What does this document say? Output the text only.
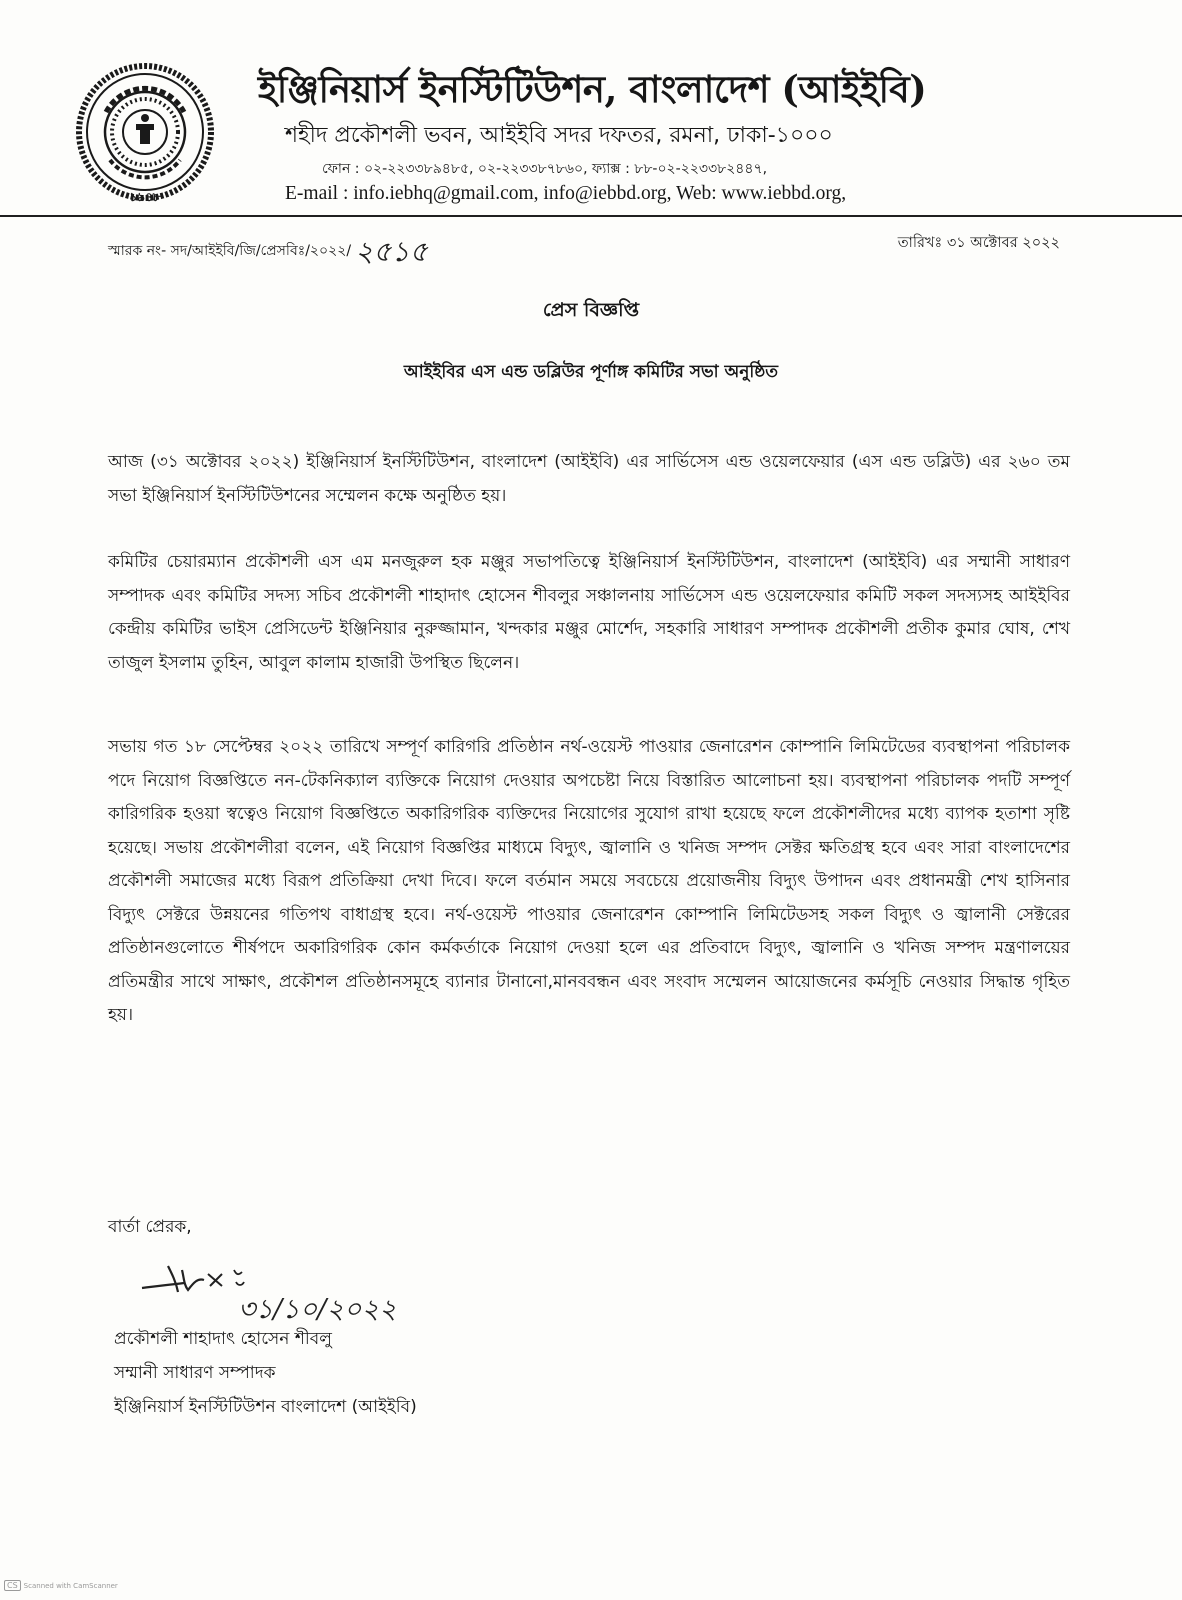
১৯৪৮
ইঞ্জিনিয়ার্স ইনস্টিটিউশন, বাংলাদেশ (আইইবি)
শহীদ প্রকৌশলী ভবন, আইইবি সদর দফতর, রমনা, ঢাকা-১০০০
ফোন : ০২-২২৩৩৮৯৪৮৫, ০২-২২৩৩৮৭৮৬০, ফ্যাক্স : ৮৮-০২-২২৩৩৮২৪৪৭,
E-mail : info.iebhq@gmail.com, info@iebbd.org, Web: www.iebbd.org,
স্মারক নং- সদ/আইইবি/জি/প্রেসবিঃ/২০২২/ ২৫১৫	তারিখঃ ৩১ অক্টোবর ২০২২
প্রেস বিজ্ঞপ্তি
আইইবির এস এন্ড ডব্লিউর পূর্ণাঙ্গ কমিটির সভা অনুষ্ঠিত

আজ (৩১ অক্টোবর ২০২২) ইঞ্জিনিয়ার্স ইনস্টিটিউশন, বাংলাদেশ (আইইবি) এর সার্ভিসেস এন্ড ওয়েলফেয়ার (এস এন্ড ডব্লিউ) এর ২৬০ তম সভা ইঞ্জিনিয়ার্স ইনস্টিটিউশনের সম্মেলন কক্ষে অনুষ্ঠিত হয়।

কমিটির চেয়ারম্যান প্রকৌশলী এস এম মনজুরুল হক মঞ্জুর সভাপতিত্বে ইঞ্জিনিয়ার্স ইনস্টিটিউশন, বাংলাদেশ (আইইবি) এর সম্মানী সাধারণ সম্পাদক এবং কমিটির সদস্য সচিব প্রকৌশলী শাহাদাৎ হোসেন শীবলুর সঞ্চালনায় সার্ভিসেস এন্ড ওয়েলফেয়ার কমিটি সকল সদস্যসহ আইইবির কেন্দ্রীয় কমিটির ভাইস প্রেসিডেন্ট ইঞ্জিনিয়ার নুরুজ্জামান, খন্দকার মঞ্জুর মোর্শেদ, সহকারি সাধারণ সম্পাদক প্রকৌশলী প্রতীক কুমার ঘোষ, শেখ তাজুল ইসলাম তুহিন, আবুল কালাম হাজারী উপস্থিত ছিলেন।

সভায় গত ১৮ সেপ্টেম্বর ২০২২ তারিখে সম্পূর্ণ কারিগরি প্রতিষ্ঠান নর্থ-ওয়েস্ট পাওয়ার জেনারেশন কোম্পানি লিমিটেডের ব্যবস্থাপনা পরিচালক পদে নিয়োগ বিজ্ঞপ্তিতে নন-টেকনিক্যাল ব্যক্তিকে নিয়োগ দেওয়ার অপচেষ্টা নিয়ে বিস্তারিত আলোচনা হয়। ব্যবস্থাপনা পরিচালক পদটি সম্পূর্ণ কারিগরিক হওয়া স্বত্বেও নিয়োগ বিজ্ঞপ্তিতে অকারিগরিক ব্যক্তিদের নিয়োগের সুযোগ রাখা হয়েছে ফলে প্রকৌশলীদের মধ্যে ব্যাপক হতাশা সৃষ্টি হয়েছে। সভায় প্রকৌশলীরা বলেন, এই নিয়োগ বিজ্ঞপ্তির মাধ্যমে বিদ্যুৎ, জ্বালানি ও খনিজ সম্পদ সেক্টর ক্ষতিগ্রস্থ হবে এবং সারা বাংলাদেশের প্রকৌশলী সমাজের মধ্যে বিরূপ প্রতিক্রিয়া দেখা দিবে। ফলে বর্তমান সময়ে সবচেয়ে প্রয়োজনীয় বিদ্যুৎ উপাদন এবং প্রধানমন্ত্রী শেখ হাসিনার বিদ্যুৎ সেক্টরে উন্নয়নের গতিপথ বাধাগ্রস্থ হবে। নর্থ-ওয়েস্ট পাওয়ার জেনারেশন কোম্পানি লিমিটেডসহ সকল বিদ্যুৎ ও জ্বালানী সেক্টরের প্রতিষ্ঠানগুলোতে শীর্ষপদে অকারিগরিক কোন কর্মকর্তাকে নিয়োগ দেওয়া হলে এর প্রতিবাদে বিদ্যুৎ, জ্বালানি ও খনিজ সম্পদ মন্ত্রণালয়ের প্রতিমন্ত্রীর সাথে সাক্ষাৎ, প্রকৌশল প্রতিষ্ঠানসমূহে ব্যানার টানানো,মানববন্ধন এবং সংবাদ সম্মেলন আয়োজনের কর্মসূচি নেওয়ার সিদ্ধান্ত গৃহিত হয়।

বার্তা প্রেরক,
৩১/১০/২০২২
প্রকৌশলী শাহাদাৎ হোসেন শীবলু
সম্মানী সাধারণ সম্পাদক
ইঞ্জিনিয়ার্স ইনস্টিটিউশন বাংলাদেশ (আইইবি)
CS Scanned with CamScanner
